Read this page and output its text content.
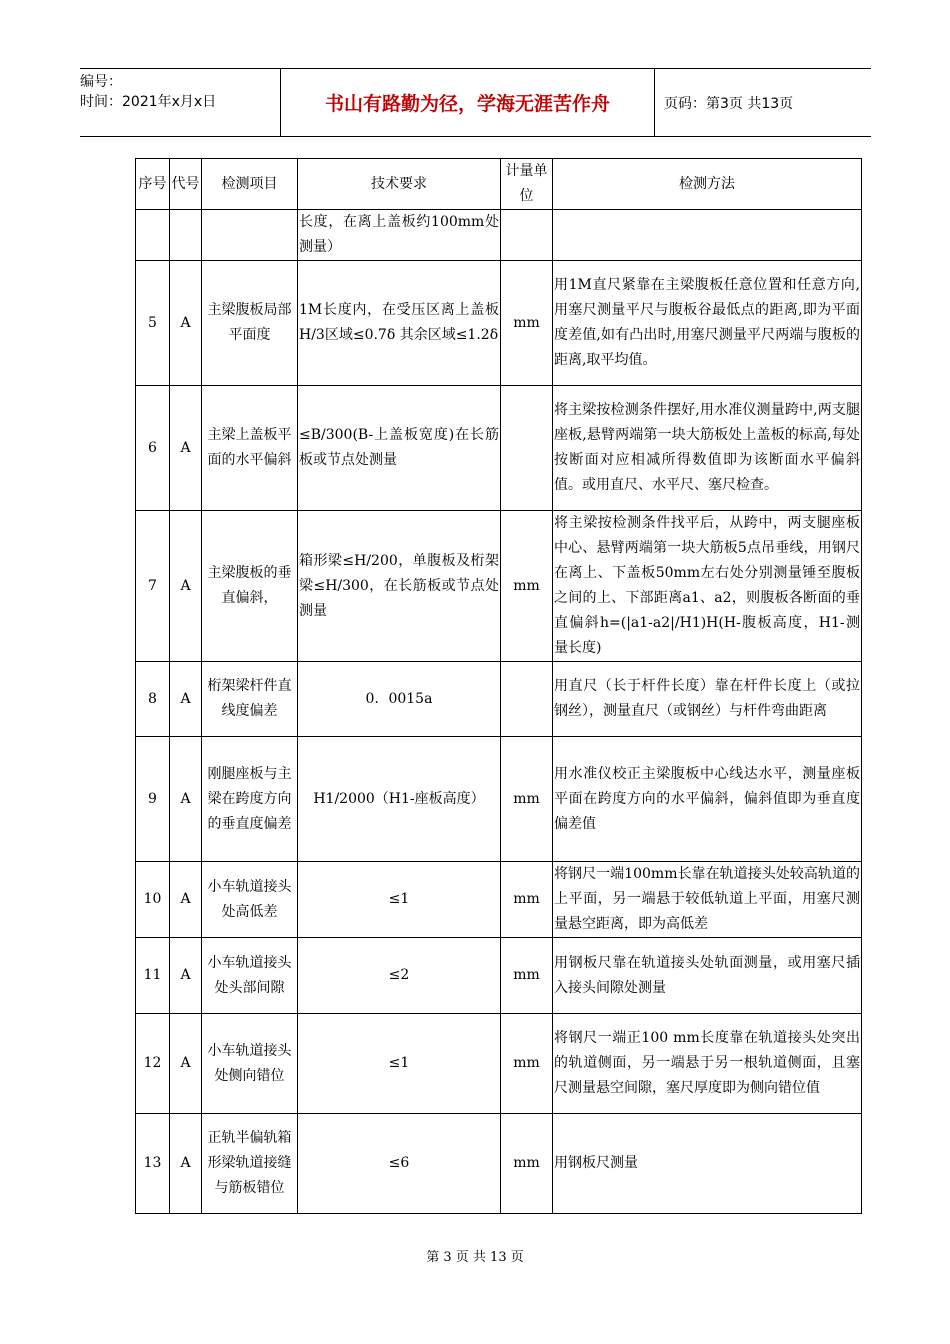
编号：
时间：2021年x月x日	书山有路勤为径，学海无涯苦作舟	页码：第3页 共13页
序号	代号	检测项目	技术要求	计量单位	检测方法
			长度，在离上盖板约100mm处测量）		
5	A	主梁腹板局部平面度	1M长度内，在受压区离上盖板H/3区域≤0.7δ 其余区域≤1.2δ	mm	用1M直尺紧靠在主梁腹板任意位置和任意方向,用塞尺测量平尺与腹板谷最低点的距离,即为平面度差值,如有凸出时,用塞尺测量平尺两端与腹板的距离,取平均值。
6	A	主梁上盖板平面的水平偏斜	≤B/300(B-上盖板宽度)在长筋板或节点处测量		将主梁按检测条件摆好,用水准仪测量跨中,两支腿座板,悬臂两端第一块大筋板处上盖板的标高,每处按断面对应相减所得数值即为该断面水平偏斜值。或用直尺、水平尺、塞尺检查。
7	A	主梁腹板的垂直偏斜，	箱形梁≤H/200，单腹板及桁架梁≤H/300，在长筋板或节点处测量	mm	将主梁按检测条件找平后，从跨中，两支腿座板中心、悬臂两端第一块大筋板5点吊垂线，用钢尺在离上、下盖板50mm左右处分别测量锤至腹板之间的上、下部距离a1、a2，则腹板各断面的垂直偏斜h=(|a1-a2|/H1)H(H-腹板高度，H1-测量长度)
8	A	桁架梁杆件直线度偏差	0．0015a		用直尺（长于杆件长度）靠在杆件长度上（或拉钢丝），测量直尺（或钢丝）与杆件弯曲距离
9	A	刚腿座板与主梁在跨度方向的垂直度偏差	H1/2000（H1-座板高度）	mm	用水准仪校正主梁腹板中心线达水平，测量座板平面在跨度方向的水平偏斜，偏斜值即为垂直度偏差值
10	A	小车轨道接头处高低差	≤1	mm	将钢尺一端100mm长靠在轨道接头处较高轨道的上平面，另一端悬于较低轨道上平面，用塞尺测量悬空距离，即为高低差
11	A	小车轨道接头处头部间隙	≤2	mm	用钢板尺靠在轨道接头处轨面测量，或用塞尺插入接头间隙处测量
12	A	小车轨道接头处侧向错位	≤1	mm	将钢尺一端正100 mm长度靠在轨道接头处突出的轨道侧面，另一端悬于另一根轨道侧面，且塞尺测量悬空间隙，塞尺厚度即为侧向错位值
13	A	正轨半偏轨箱形梁轨道接缝与筋板错位	≤6	mm	用钢板尺测量
第 3 页 共 13 页
